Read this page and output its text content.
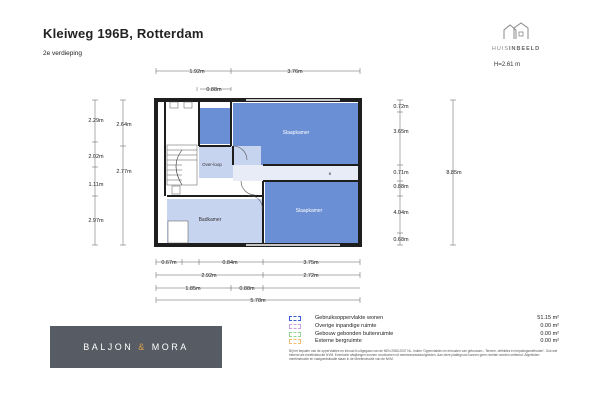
Kleiweg 196B, Rotterdam
2e verdieping
HUISINBEELD
H=2.61 m
Slaapkamer
Slaapkamer
Badkamer
Over-loop
B
1.92m	3.76m
0.88m
2.29m
2.02m
1.11m
2.97m
2.64m
2.77m
0.72m
3.65m
0.71m
0.88m
4.04m
0.68m
8.85m
0.67m	0.84m	3.75m
2.92m	2.72m
1.85m	0.88m
5.78m
BALJON & MORA
Gebruiksoppervlakte wonen	51.15 m²
Overige inpandige ruimte	0.00 m²
Gebouw gebonden buitenruimte	0.00 m²
Externe bergruimte	0.00 m²
Bij het bepalen van de oppervlaktes en inhoud is uitgegaan van de NEN 2580:2007 NL. Indien 'Oppervlakten en inhouden van gebouwen - Termen, definities en bepalingsmethoden'. Ook wel bekend als meetinstructie NVM. Eventuele afwijkingen kunnen voortkomen uit meetonnauwkeurigheden. Aan deze plattegrond kunnen geen rechten worden ontleend. Afgeleiden meetinstructie en vastgoedsituatie staan in de Meetinstructie van de NVM.
